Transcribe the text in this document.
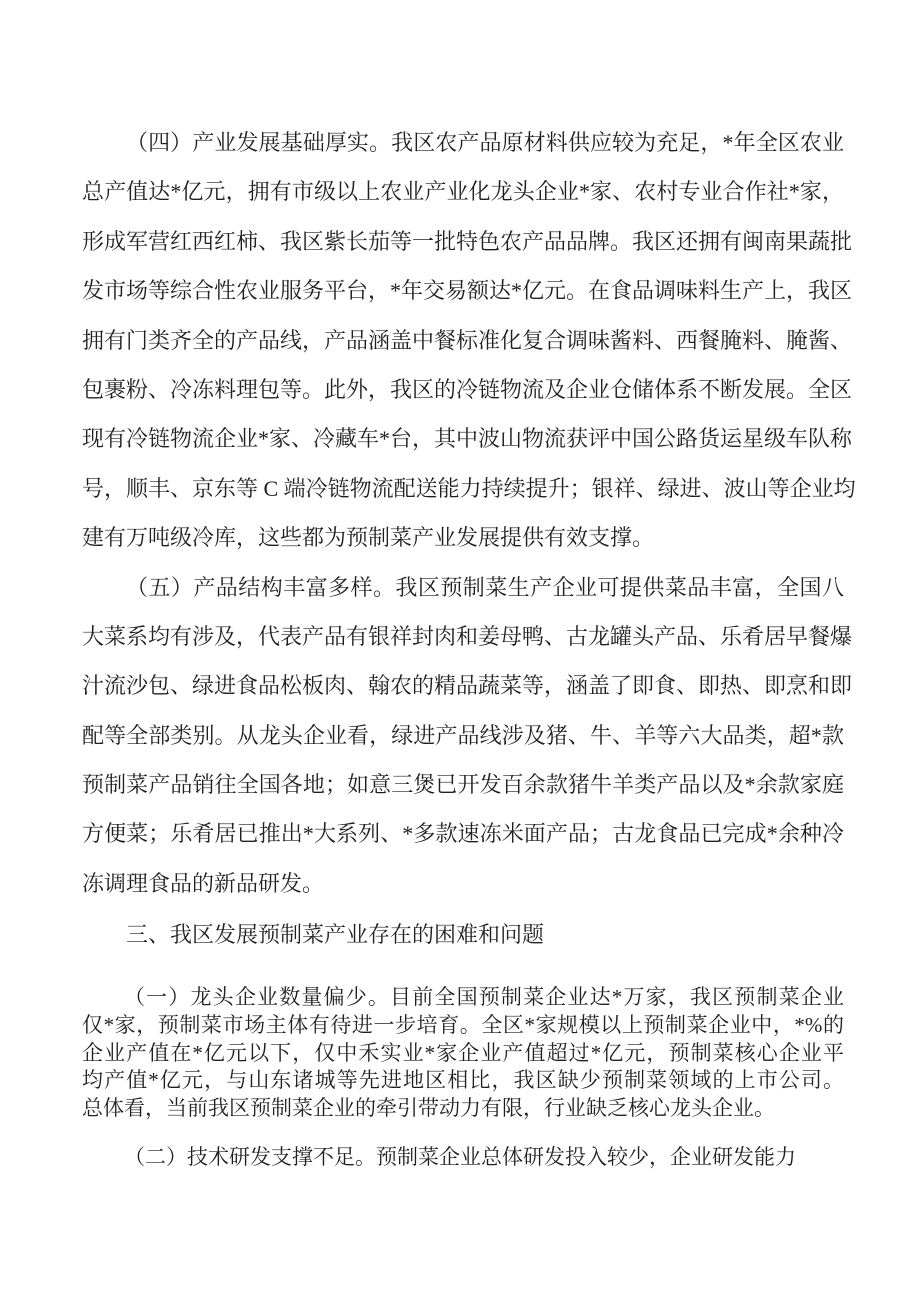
（四）产业发展基础厚实。我区农产品原材料供应较为充足，*年全区农业
总产值达*亿元，拥有市级以上农业产业化龙头企业*家、农村专业合作社*家，
形成军营红西红柿、我区紫长茄等一批特色农产品品牌。我区还拥有闽南果蔬批
发市场等综合性农业服务平台，*年交易额达*亿元。在食品调味料生产上，我区
拥有门类齐全的产品线，产品涵盖中餐标准化复合调味酱料、西餐腌料、腌酱、
包裹粉、冷冻料理包等。此外，我区的冷链物流及企业仓储体系不断发展。全区
现有冷链物流企业*家、冷藏车*台，其中波山物流获评中国公路货运星级车队称
号，顺丰、京东等 C 端冷链物流配送能力持续提升；银祥、绿进、波山等企业均
建有万吨级冷库，这些都为预制菜产业发展提供有效支撑。
（五）产品结构丰富多样。我区预制菜生产企业可提供菜品丰富，全国八
大菜系均有涉及，代表产品有银祥封肉和姜母鸭、古龙罐头产品、乐肴居早餐爆
汁流沙包、绿进食品松板肉、翰农的精品蔬菜等，涵盖了即食、即热、即烹和即
配等全部类别。从龙头企业看，绿进产品线涉及猪、牛、羊等六大品类，超*款
预制菜产品销往全国各地；如意三煲已开发百余款猪牛羊类产品以及*余款家庭
方便菜；乐肴居已推出*大系列、*多款速冻米面产品；古龙食品已完成*余种冷
冻调理食品的新品研发。
三、我区发展预制菜产业存在的困难和问题
（一）龙头企业数量偏少。目前全国预制菜企业达*万家，我区预制菜企业
仅*家，预制菜市场主体有待进一步培育。全区*家规模以上预制菜企业中，*%的
企业产值在*亿元以下，仅中禾实业*家企业产值超过*亿元，预制菜核心企业平
均产值*亿元，与山东诸城等先进地区相比，我区缺少预制菜领域的上市公司。
总体看，当前我区预制菜企业的牵引带动力有限，行业缺乏核心龙头企业。
（二）技术研发支撑不足。预制菜企业总体研发投入较少，企业研发能力
